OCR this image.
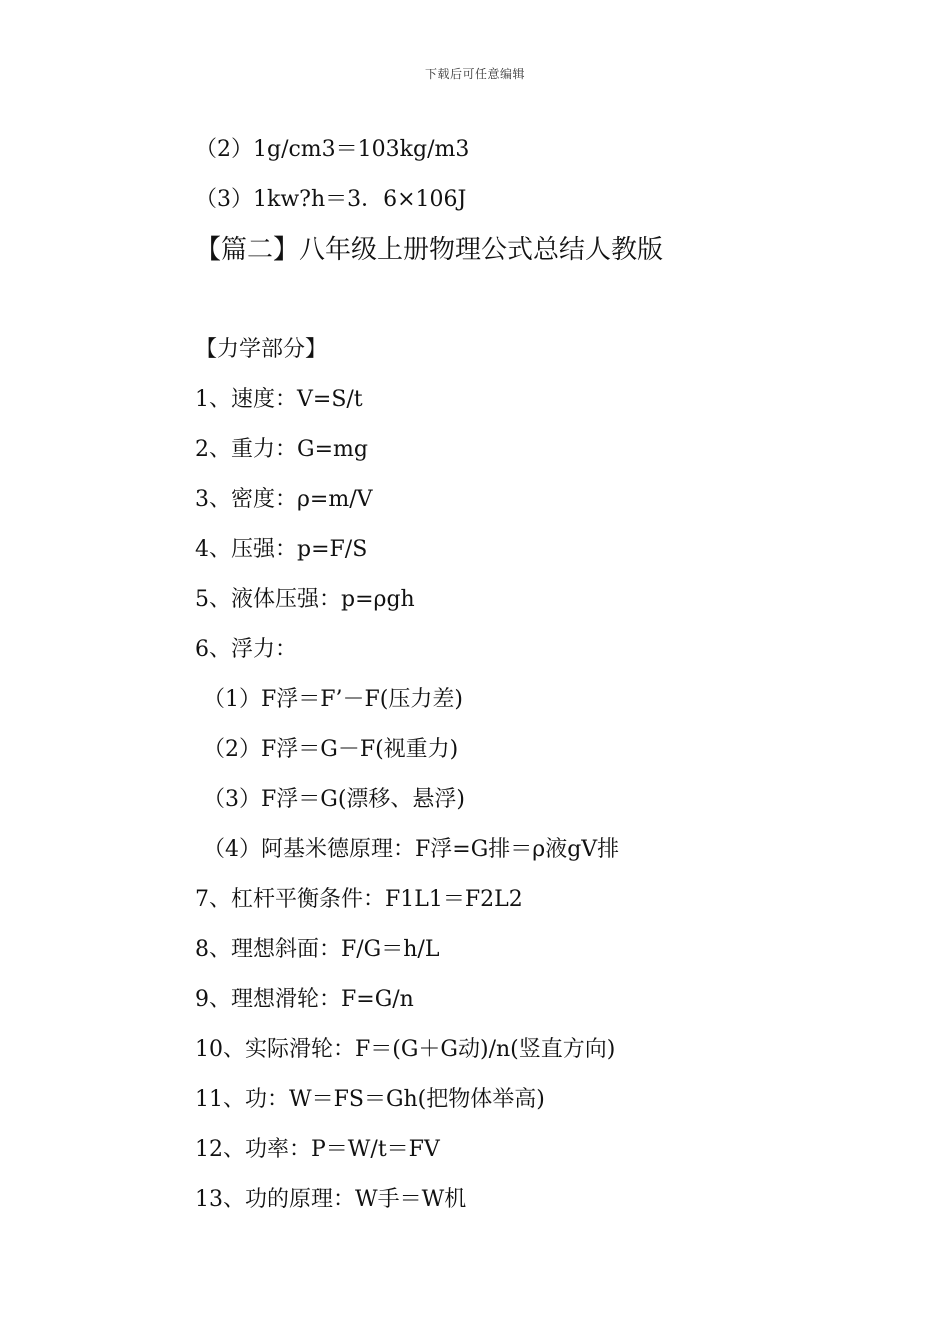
下载后可任意编辑
（2）1g/cm3＝103kg/m3
（3）1kw?h＝3．6×106J
【篇二】八年级上册物理公式总结人教版
【力学部分】
1、速度：V=S/t
2、重力：G=mg
3、密度：ρ=m/V
4、压强：p=F/S
5、液体压强：p=ρgh
6、浮力：
（1）F浮＝F’－F(压力差)
（2）F浮＝G－F(视重力)
（3）F浮＝G(漂移、悬浮)
（4）阿基米德原理：F浮=G排＝ρ液gV排
7、杠杆平衡条件：F1L1＝F2L2
8、理想斜面：F/G＝h/L
9、理想滑轮：F=G/n
10、实际滑轮：F＝(G＋G动)/n(竖直方向)
11、功：W＝FS＝Gh(把物体举高)
12、功率：P＝W/t＝FV
13、功的原理：W手＝W机
